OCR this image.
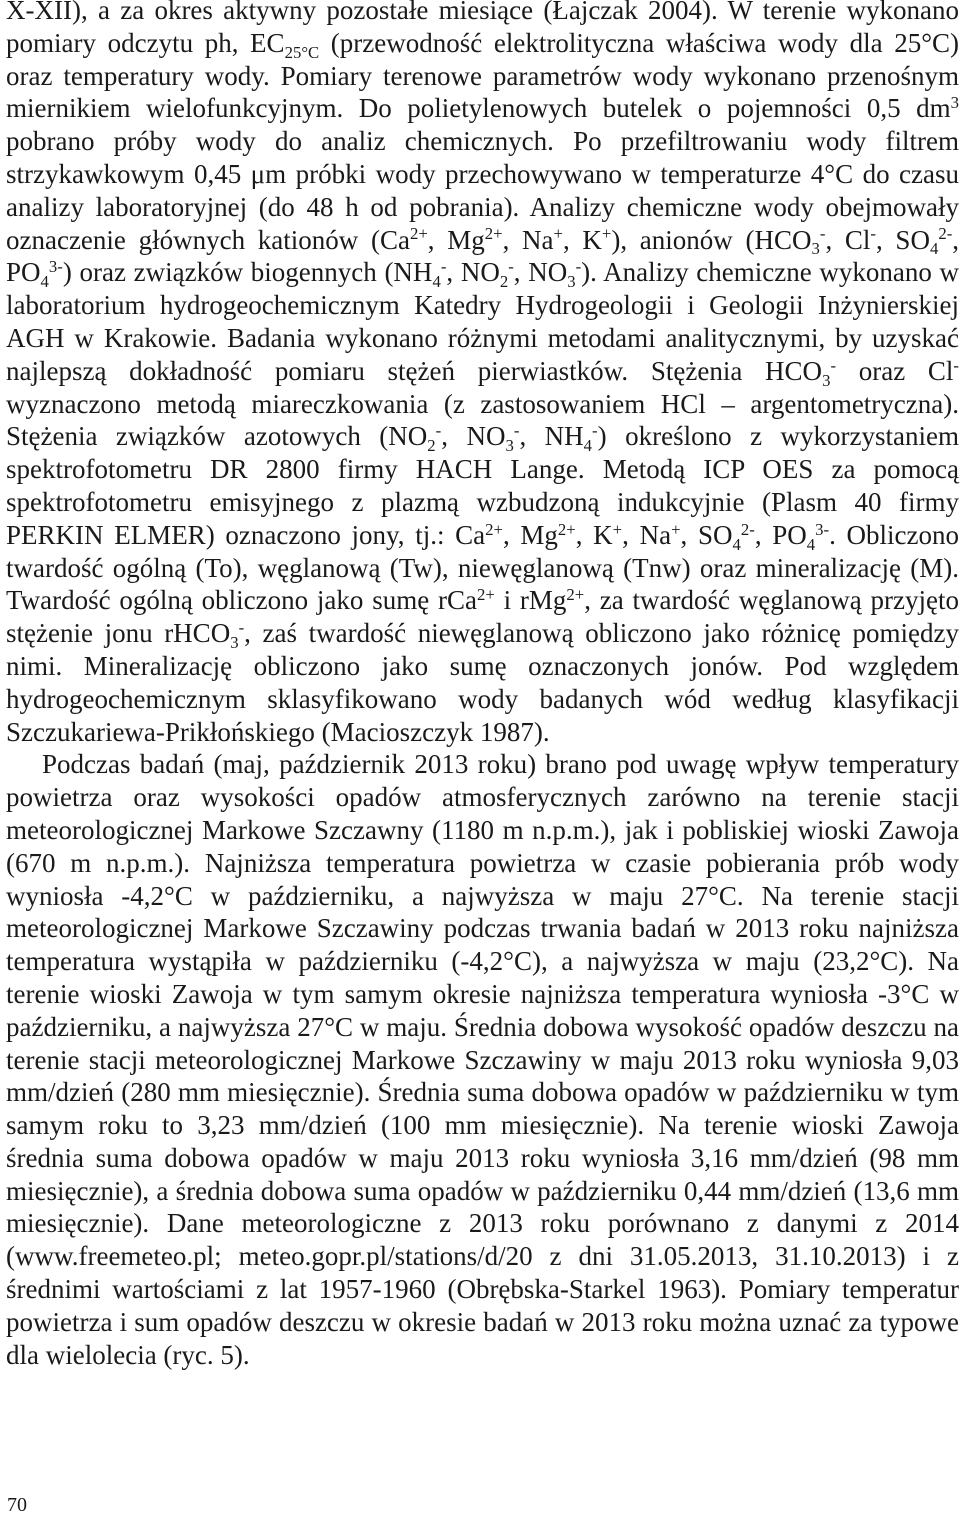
X-XII), a za okres aktywny pozostałe miesiące (Łajczak 2004). W terenie wykonano pomiary odczytu ph, $EC_{25^\circ C}$ (przewodność elektrolityczna właściwa wody dla 25°C) oraz temperatury wody. Pomiary terenowe parametrów wody wykonano przenośnym miernikiem wielofunkcyjnym. Do polietylenowych butelek o pojemności 0,5 $dm^3$ pobrano próby wody do analiz chemicznych. Po przefiltrowaniu wody filtrem strzykawkowym 0,45 μm próbki wody przechowywano w temperaturze 4°C do czasu analizy laboratoryjnej (do 48 h od pobrania). Analizy chemiczne wody obejmowały oznaczenie głównych kationów ($Ca^{2+}$, $Mg^{2+}$, Na+, K+), anionów ($HCO_3^-$, Cl-, $SO_4^{2-}$, $PO_4^{3-}$) oraz związków biogennych ($NH_4^-$, $NO_2^-$, $NO_3^-$). Analizy chemiczne wykonano w laboratorium hydrogeochemicznym Katedry Hydrogeologii i Geologii Inżynierskiej AGH w Krakowie. Badania wykonano różnymi metodami analitycznymi, by uzyskać najlepszą dokładność pomiaru stężeń pierwiastków. Stężenia $HCO_3^-$ oraz Cl- wyznaczono metodą miareczkowania (z zastosowaniem HCl – argentometryczna). Stężenia związków azotowych ($NO_2^-$, $NO_3^-$, $NH_4^-$) określono z wykorzystaniem spektrofotometru DR 2800 firmy HACH Lange. Metodą ICP OES za pomocą spektrofotometru emisyjnego z plazmą wzbudzoną indukcyjnie (Plasm 40 firmy PERKIN ELMER) oznaczono jony, tj.: $Ca^{2+}$, $Mg^{2+}$, K+, Na+, $SO_4^{2-}$, $PO_4^{3-}$. Obliczono twardość ogólną (To), węglanową (Tw), niewęglanową (Tnw) oraz mineralizację (M). Twardość ogólną obliczono jako sumę rCa$^{2+}$ i rMg$^{2+}$, za twardość węglanową przyjęto stężenie jonu rHCO$_3$-, zaś twardość niewęglanową obliczono jako różnicę pomiędzy nimi. Mineralizację obliczono jako sumę oznaczonych jonów. Pod względem hydrogeochemicznym sklasyfikowano wody badanych wód według klasyfikacji Szczukariewa-Prikłońskiego (Macioszczyk 1987).

Podczas badań (maj, październik 2013 roku) brano pod uwagę wpływ temperatury powietrza oraz wysokości opadów atmosferycznych zarówno na terenie stacji meteorologicznej Markowe Szczawny (1180 m n.p.m.), jak i pobliskiej wioski Zawoja (670 m n.p.m.). Najniższa temperatura powietrza w czasie pobierania prób wody wyniosła -4,2°C w październiku, a najwyższa w maju 27°C. Na terenie stacji meteorologicznej Markowe Szczawiny podczas trwania badań w 2013 roku najniższa temperatura wystąpiła w październiku (-4,2°C), a najwyższa w maju (23,2°C). Na terenie wioski Zawoja w tym samym okresie najniższa temperatura wyniosła -3°C w październiku, a najwyższa 27°C w maju. Średnia dobowa wysokość opadów deszczu na terenie stacji meteorologicznej Markowe Szczawiny w maju 2013 roku wyniosła 9,03 mm/dzień (280 mm miesięcznie). Średnia suma dobowa opadów w październiku w tym samym roku to 3,23 mm/dzień (100 mm miesięcznie). Na terenie wioski Zawoja średnia suma dobowa opadów w maju 2013 roku wyniosła 3,16 mm/dzień (98 mm miesięcznie), a średnia dobowa suma opadów w październiku 0,44 mm/dzień (13,6 mm miesięcznie). Dane meteorologiczne z 2013 roku porównano z danymi z 2014 (www.freemeteo.pl; meteo.gopr.pl/stations/d/20 z dni 31.05.2013, 31.10.2013) i z średnimi wartościami z lat 1957-1960 (Obrębska-Starkel 1963). Pomiary temperatur powietrza i sum opadów deszczu w okresie badań w 2013 roku można uznać za typowe dla wielolecia (ryc. 5).

70
